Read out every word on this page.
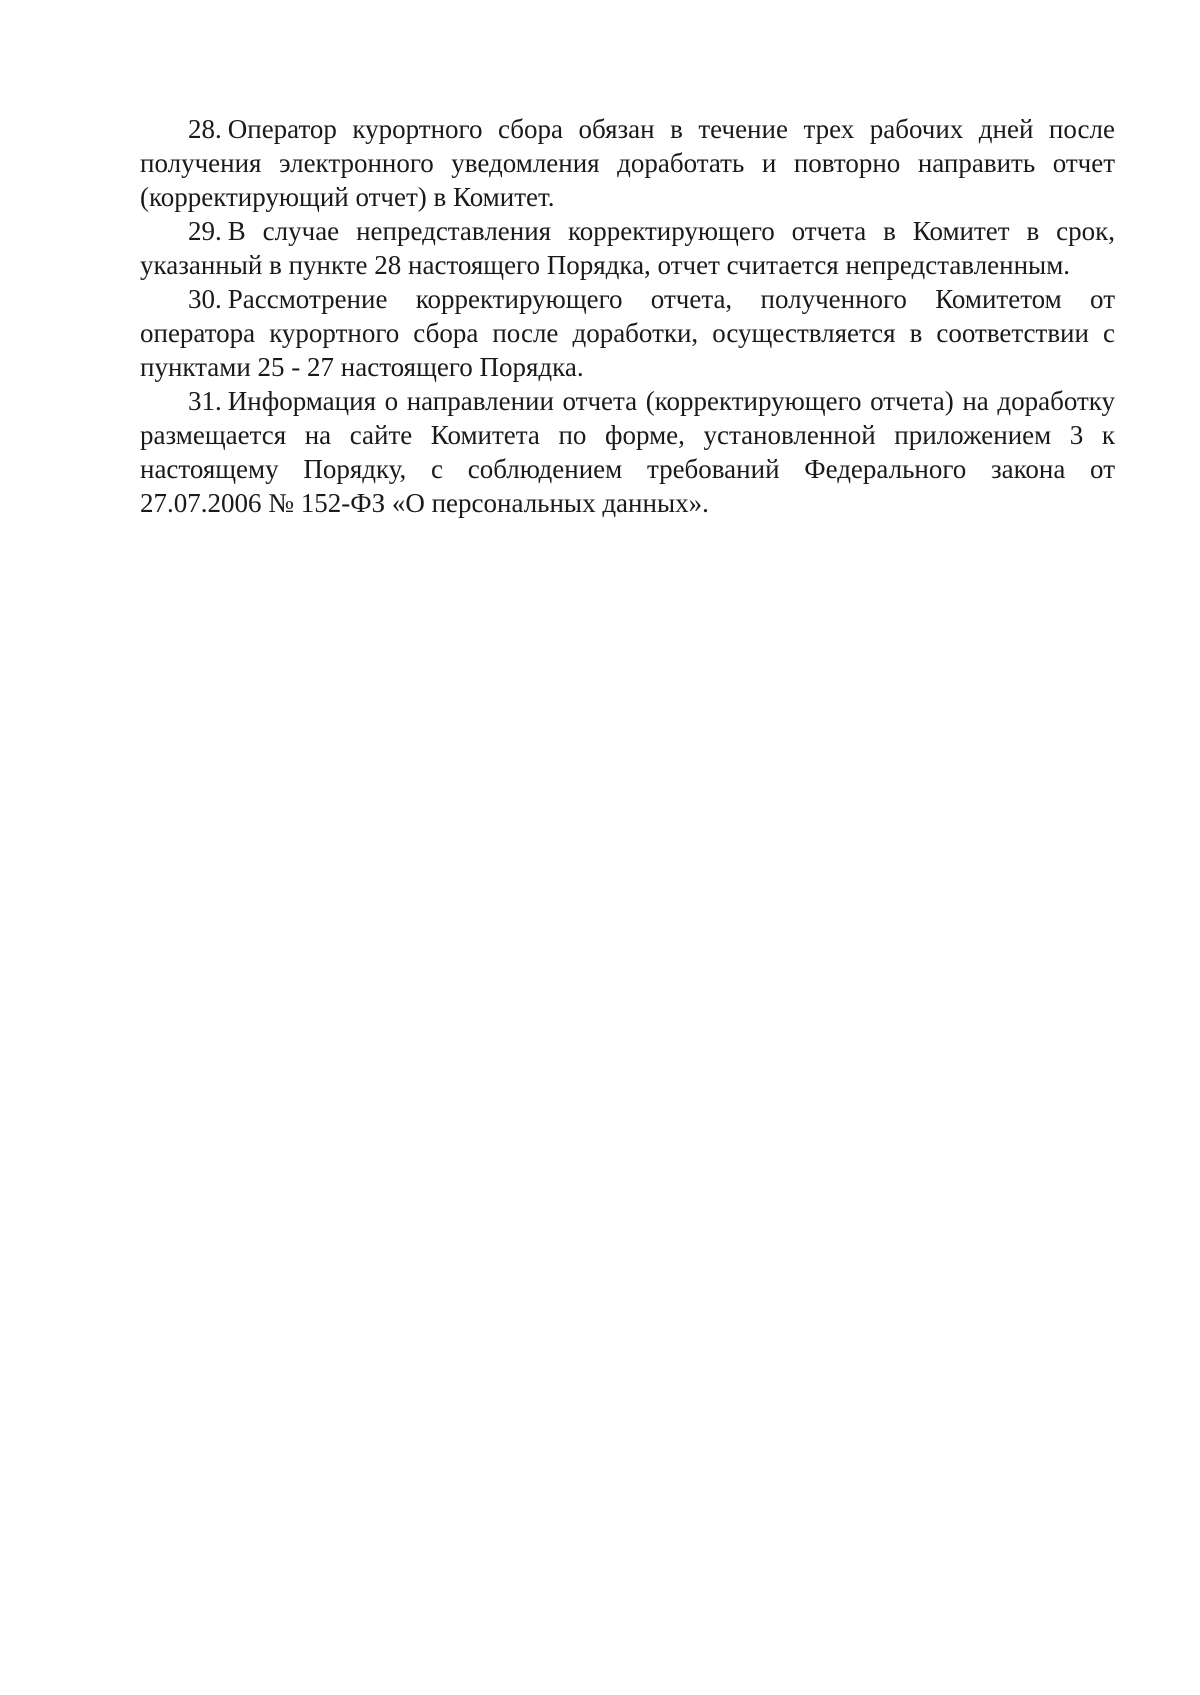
28. Оператор курортного сбора обязан в течение трех рабочих дней после получения электронного уведомления доработать и повторно направить отчет (корректирующий отчет) в Комитет.

29. В случае непредставления корректирующего отчета в Комитет в срок, указанный в пункте 28 настоящего Порядка, отчет считается непредставленным.

30. Рассмотрение корректирующего отчета, полученного Комитетом от оператора курортного сбора после доработки, осуществляется в соответствии с пунктами 25 - 27 настоящего Порядка.

31. Информация о направлении отчета (корректирующего отчета) на доработку размещается на сайте Комитета по форме, установленной приложением 3 к настоящему Порядку, с соблюдением требований Федерального закона от 27.07.2006 № 152-ФЗ «О персональных данных».
